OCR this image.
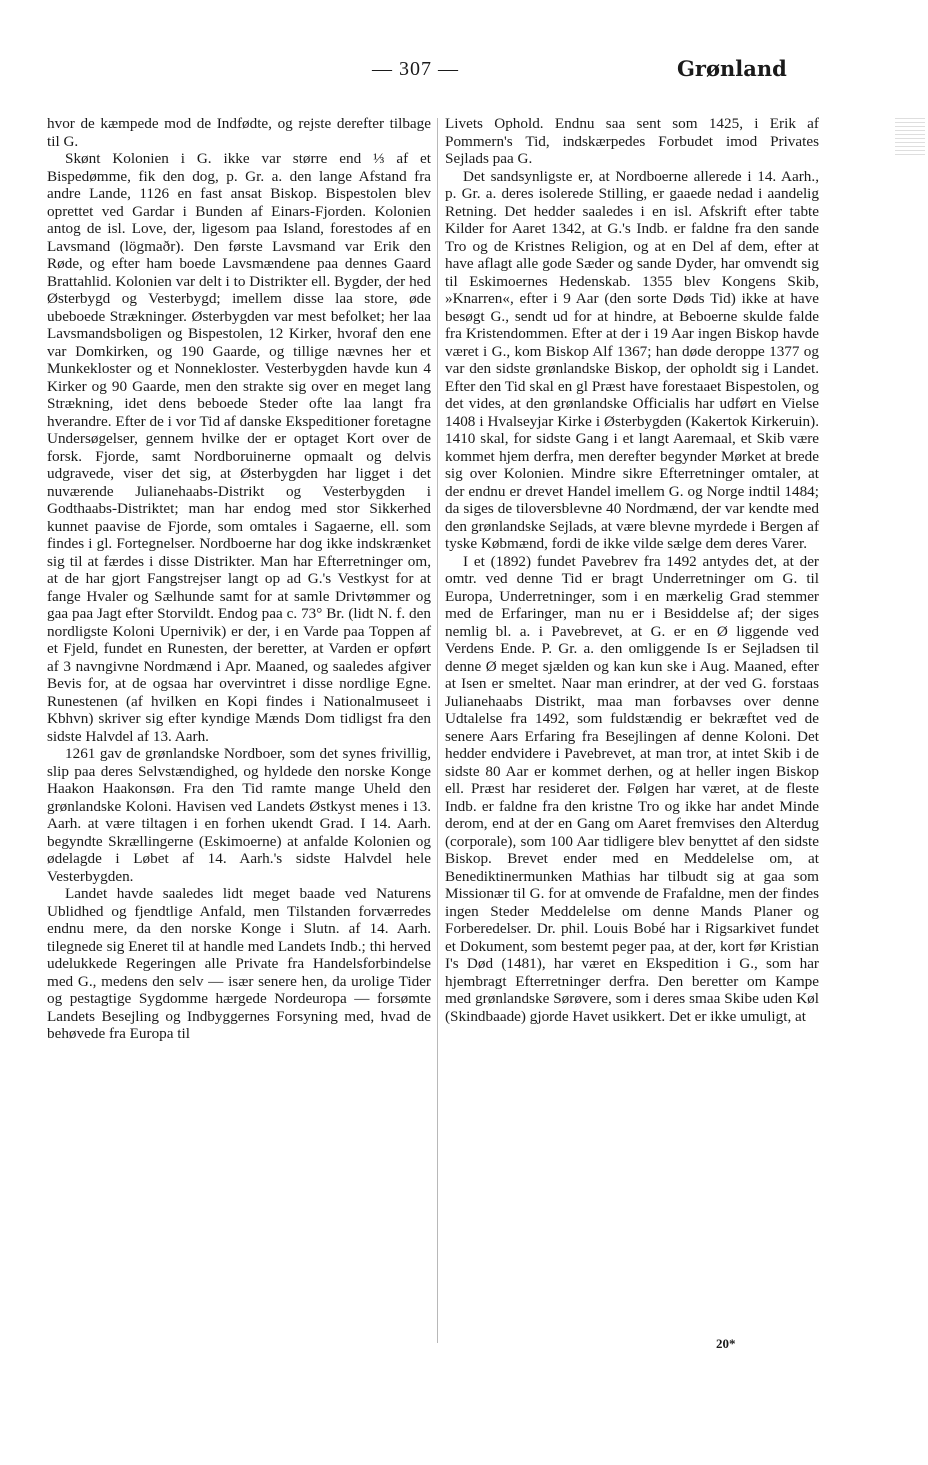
— 307 —	Grønland

hvor de kæmpede mod de Indfødte, og rejste derefter tilbage til G.

Skønt Kolonien i G. ikke var større end ⅓ af et Bispedømme, fik den dog, p. Gr. a. den lange Afstand fra andre Lande, 1126 en fast ansat Biskop. Bispestolen blev oprettet ved Gardar i Bunden af Einars-Fjorden. Kolonien antog de isl. Love, der, ligesom paa Island, forestodes af en Lavsmand (lögmaðr). Den første Lavsmand var Erik den Røde, og efter ham boede Lavsmændene paa dennes Gaard Brattahlid. Kolonien var delt i to Distrikter ell. Bygder, der hed Østerbygd og Vesterbygd; imellem disse laa store, øde ubeboede Strækninger. Østerbygden var mest befolket; her laa Lavsmandsboligen og Bispestolen, 12 Kirker, hvoraf den ene var Domkirken, og 190 Gaarde, og tillige nævnes her et Munkekloster og et Nonnekloster. Vesterbygden havde kun 4 Kirker og 90 Gaarde, men den strakte sig over en meget lang Strækning, idet dens beboede Steder ofte laa langt fra hverandre. Efter de i vor Tid af danske Ekspeditioner foretagne Undersøgelser, gennem hvilke der er optaget Kort over de forsk. Fjorde, samt Nordboruinerne opmaalt og delvis udgravede, viser det sig, at Østerbygden har ligget i det nuværende Julianehaabs-Distrikt og Vesterbygden i Godthaabs-Distriktet; man har endog med stor Sikkerhed kunnet paavise de Fjorde, som omtales i Sagaerne, ell. som findes i gl. Fortegnelser. Nordboerne har dog ikke indskrænket sig til at færdes i disse Distrikter. Man har Efterretninger om, at de har gjort Fangstrejser langt op ad G.'s Vestkyst for at fange Hvaler og Sælhunde samt for at samle Drivtømmer og gaa paa Jagt efter Storvildt. Endog paa c. 73° Br. (lidt N. f. den nordligste Koloni Upernivik) er der, i en Varde paa Toppen af et Fjeld, fundet en Runesten, der beretter, at Varden er opført af 3 navngivne Nordmænd i Apr. Maaned, og saaledes afgiver Bevis for, at de ogsaa har overvintret i disse nordlige Egne. Runestenen (af hvilken en Kopi findes i Nationalmuseet i Kbhvn) skriver sig efter kyndige Mænds Dom tidligst fra den sidste Halvdel af 13. Aarh.

1261 gav de grønlandske Nordboer, som det synes frivillig, slip paa deres Selvstændighed, og hyldede den norske Konge Haakon Haakonsøn. Fra den Tid ramte mange Uheld den grønlandske Koloni. Havisen ved Landets Østkyst menes i 13. Aarh. at være tiltagen i en forhen ukendt Grad. I 14. Aarh. begyndte Skrællingerne (Eskimoerne) at anfalde Kolonien og ødelagde i Løbet af 14. Aarh.'s sidste Halvdel hele Vesterbygden.

Landet havde saaledes lidt meget baade ved Naturens Ublidhed og fjendtlige Anfald, men Tilstanden forværredes endnu mere, da den norske Konge i Slutn. af 14. Aarh. tilegnede sig Eneret til at handle med Landets Indb.; thi herved udelukkede Regeringen alle Private fra Handelsforbindelse med G., medens den selv — især senere hen, da urolige Tider og pestagtige Sygdomme hærgede Nordeuropa — forsømte Landets Besejling og Indbyggernes Forsyning med, hvad de behøvede fra Europa til

Livets Ophold. Endnu saa sent som 1425, i Erik af Pommern's Tid, indskærpedes Forbudet imod Privates Sejlads paa G.

Det sandsynligste er, at Nordboerne allerede i 14. Aarh., p. Gr. a. deres isolerede Stilling, er gaaede nedad i aandelig Retning. Det hedder saaledes i en isl. Afskrift efter tabte Kilder for Aaret 1342, at G.'s Indb. er faldne fra den sande Tro og de Kristnes Religion, og at en Del af dem, efter at have aflagt alle gode Sæder og sande Dyder, har omvendt sig til Eskimoernes Hedenskab. 1355 blev Kongens Skib, »Knarren«, efter i 9 Aar (den sorte Døds Tid) ikke at have besøgt G., sendt ud for at hindre, at Beboerne skulde falde fra Kristendommen. Efter at der i 19 Aar ingen Biskop havde været i G., kom Biskop Alf 1367; han døde deroppe 1377 og var den sidste grønlandske Biskop, der opholdt sig i Landet. Efter den Tid skal en gl Præst have forestaaet Bispestolen, og det vides, at den grønlandske Officialis har udført en Vielse 1408 i Hvalseyjar Kirke i Østerbygden (Kakertok Kirkeruin). 1410 skal, for sidste Gang i et langt Aaremaal, et Skib være kommet hjem derfra, men derefter begynder Mørket at brede sig over Kolonien. Mindre sikre Efterretninger omtaler, at der endnu er drevet Handel imellem G. og Norge indtil 1484; da siges de tiloversblevne 40 Nordmænd, der var kendte med den grønlandske Sejlads, at være blevne myrdede i Bergen af tyske Købmænd, fordi de ikke vilde sælge dem deres Varer.

I et (1892) fundet Pavebrev fra 1492 antydes det, at der omtr. ved denne Tid er bragt Underretninger om G. til Europa, Underretninger, som i en mærkelig Grad stemmer med de Erfaringer, man nu er i Besiddelse af; der siges nemlig bl. a. i Pavebrevet, at G. er en Ø liggende ved Verdens Ende. P. Gr. a. den omliggende Is er Sejladsen til denne Ø meget sjælden og kan kun ske i Aug. Maaned, efter at Isen er smeltet. Naar man erindrer, at der ved G. forstaas Julianehaabs Distrikt, maa man forbavses over denne Udtalelse fra 1492, som fuldstændig er bekræftet ved de senere Aars Erfaring fra Besejlingen af denne Koloni. Det hedder endvidere i Pavebrevet, at man tror, at intet Skib i de sidste 80 Aar er kommet derhen, og at heller ingen Biskop ell. Præst har resideret der. Følgen har været, at de fleste Indb. er faldne fra den kristne Tro og ikke har andet Minde derom, end at der en Gang om Aaret fremvises den Alterdug (corporale), som 100 Aar tidligere blev benyttet af den sidste Biskop. Brevet ender med en Meddelelse om, at Benediktinermunken Mathias har tilbudt sig at gaa som Missionær til G. for at omvende de Frafaldne, men der findes ingen Steder Meddelelse om denne Mands Planer og Forberedelser. Dr. phil. Louis Bobé har i Rigsarkivet fundet et Dokument, som bestemt peger paa, at der, kort før Kristian I's Død (1481), har været en Ekspedition i G., som har hjembragt Efterretninger derfra. Den beretter om Kampe med grønlandske Sørøvere, som i deres smaa Skibe uden Køl (Skindbaade) gjorde Havet usikkert. Det er ikke umuligt, at

20*
